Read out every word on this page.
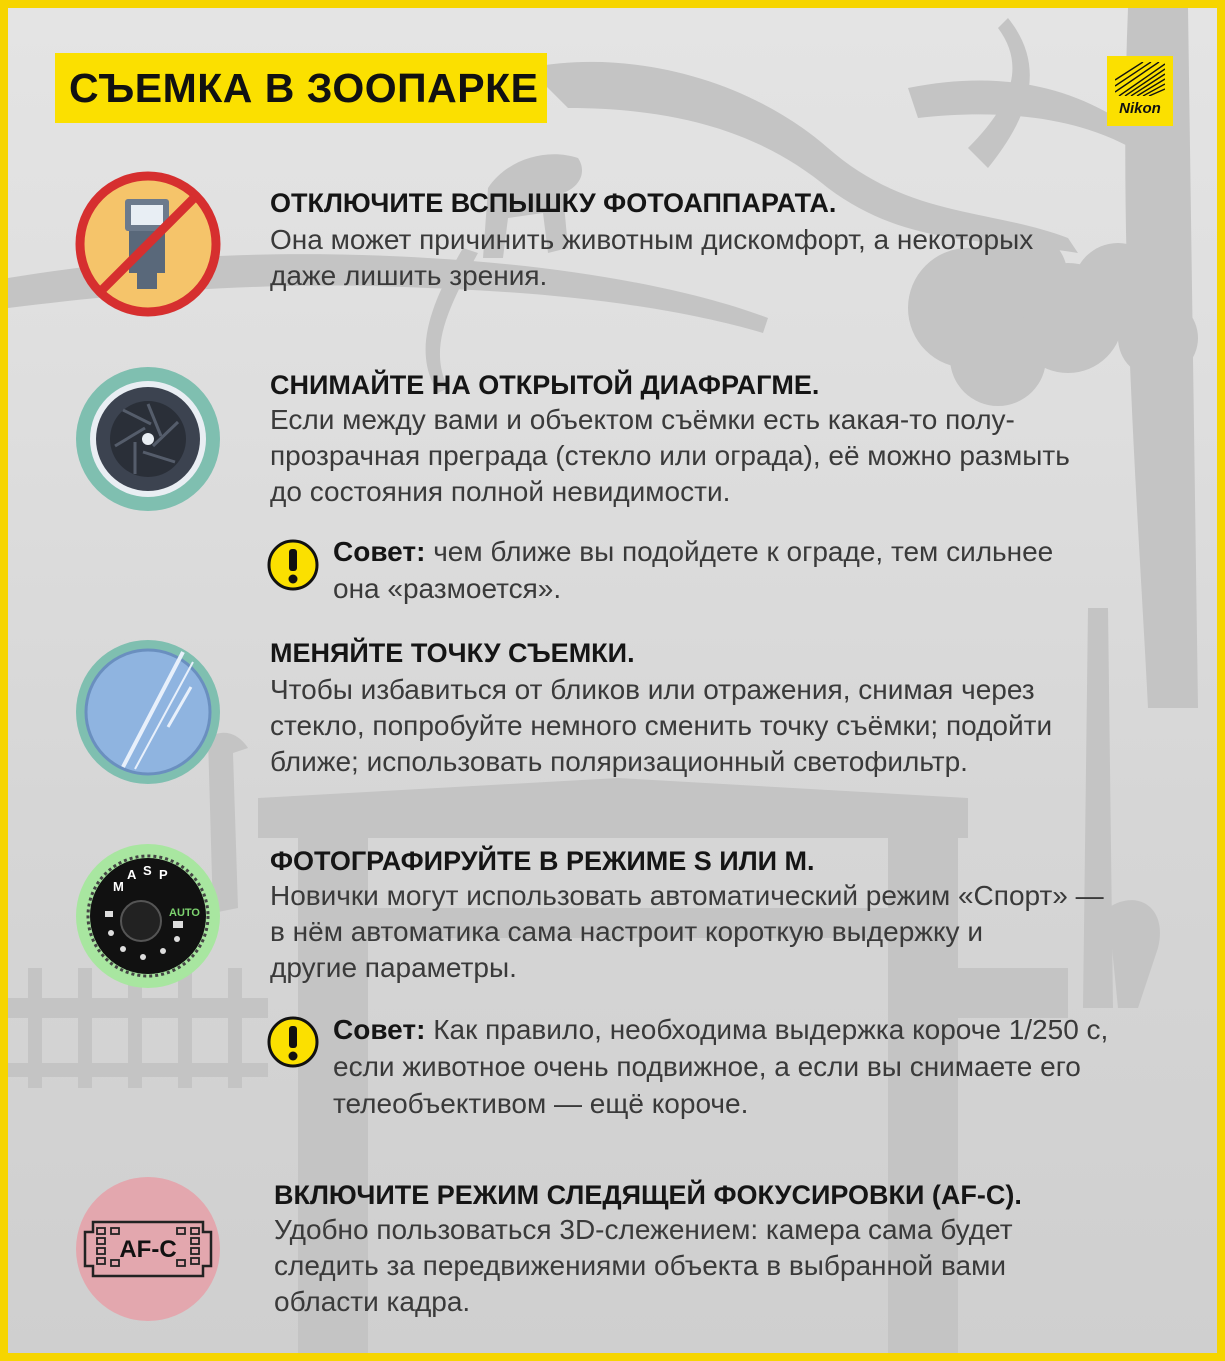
СЪЕМКА В ЗООПАРКЕ	Nikon
ОТКЛЮЧИТЕ ВСПЫШКУ ФОТОАППАРАТА.
Она может причинить животным дискомфорт, а некоторых
даже лишить зрения.
СНИМАЙТЕ НА ОТКРЫТОЙ ДИАФРАГМЕ.
Если между вами и объектом съёмки есть какая-то полу-
прозрачная преграда (стекло или ограда), её можно размыть
до состояния полной невидимости.
Совет: чем ближе вы подойдете к ограде, тем сильнее
она «размоется».
МЕНЯЙТЕ ТОЧКУ СЪЕМКИ.
Чтобы избавиться от бликов или отражения, снимая через
стекло, попробуйте немного сменить точку съёмки; подойти
ближе; использовать поляризационный светофильтр.
M
A S P
AUTO
ФОТОГРАФИРУЙТЕ В РЕЖИМЕ S ИЛИ M.
Новички могут использовать автоматический режим «Спорт» —
в нём автоматика сама настроит короткую выдержку и
другие параметры.
Совет: Как правило, необходима выдержка короче 1/250 с,
если животное очень подвижное, а если вы снимаете его
телеобъективом — ещё короче.
AF-C
ВКЛЮЧИТЕ РЕЖИМ СЛЕДЯЩЕЙ ФОКУСИРОВКИ (AF-C).
Удобно пользоваться 3D-слежением: камера сама будет
следить за передвижениями объекта в выбранной вами
области кадра.
